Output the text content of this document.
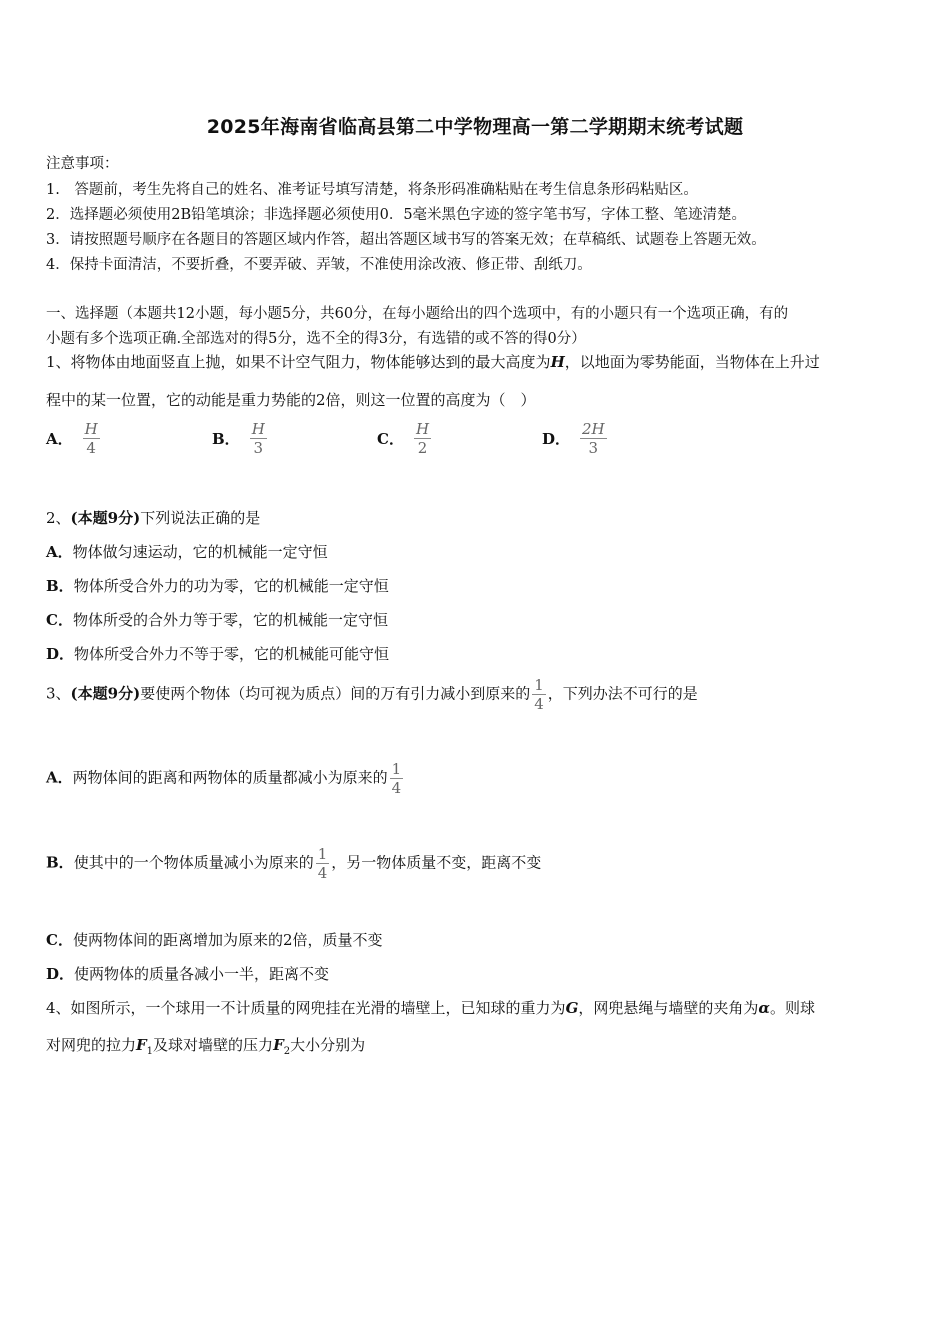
2025年海南省临高县第二中学物理高一第二学期期末统考试题
注意事项：
1.　答题前，考生先将自己的姓名、准考证号填写清楚，将条形码准确粘贴在考生信息条形码粘贴区。
2．选择题必须使用2B铅笔填涂；非选择题必须使用0．5毫米黑色字迹的签字笔书写，字体工整、笔迹清楚。
3．请按照题号顺序在各题目的答题区域内作答，超出答题区域书写的答案无效；在草稿纸、试题卷上答题无效。
4．保持卡面清洁，不要折叠，不要弄破、弄皱，不准使用涂改液、修正带、刮纸刀。
一、选择题（本题共12小题，每小题5分，共60分，在每小题给出的四个选项中，有的小题只有一个选项正确，有的
小题有多个选项正确.全部选对的得5分，选不全的得3分，有选错的或不答的得0分）
1、将物体由地面竖直上抛，如果不计空气阻力，物体能够达到的最大高度为H，以地面为零势能面，当物体在上升过
程中的某一位置，它的动能是重力势能的2倍，则这一位置的高度为（　）
A． $\frac{H}{4}$	B． $\frac{H}{3}$	C． $\frac{H}{2}$	D． $\frac{2H}{3}$
2、(本题9分)下列说法正确的是
A．物体做匀速运动，它的机械能一定守恒
B．物体所受合外力的功为零，它的机械能一定守恒
C．物体所受的合外力等于零，它的机械能一定守恒
D．物体所受合外力不等于零，它的机械能可能守恒
3、(本题9分)要使两个物体（均可视为质点）间的万有引力减小到原来的 $\frac{1}{4}$ ，下列办法不可行的是
A．两物体间的距离和两物体的质量都减小为原来的 $\frac{1}{4}$
B．使其中的一个物体质量减小为原来的 $\frac{1}{4}$ ，另一物体质量不变，距离不变
C．使两物体间的距离增加为原来的2倍，质量不变
D．使两物体的质量各减小一半，距离不变
4、如图所示，一个球用一不计质量的网兜挂在光滑的墙壁上，已知球的重力为G，网兜悬绳与墙壁的夹角为α。则球
对网兜的拉力$F_1$及球对墙壁的压力$F_2$大小分别为
